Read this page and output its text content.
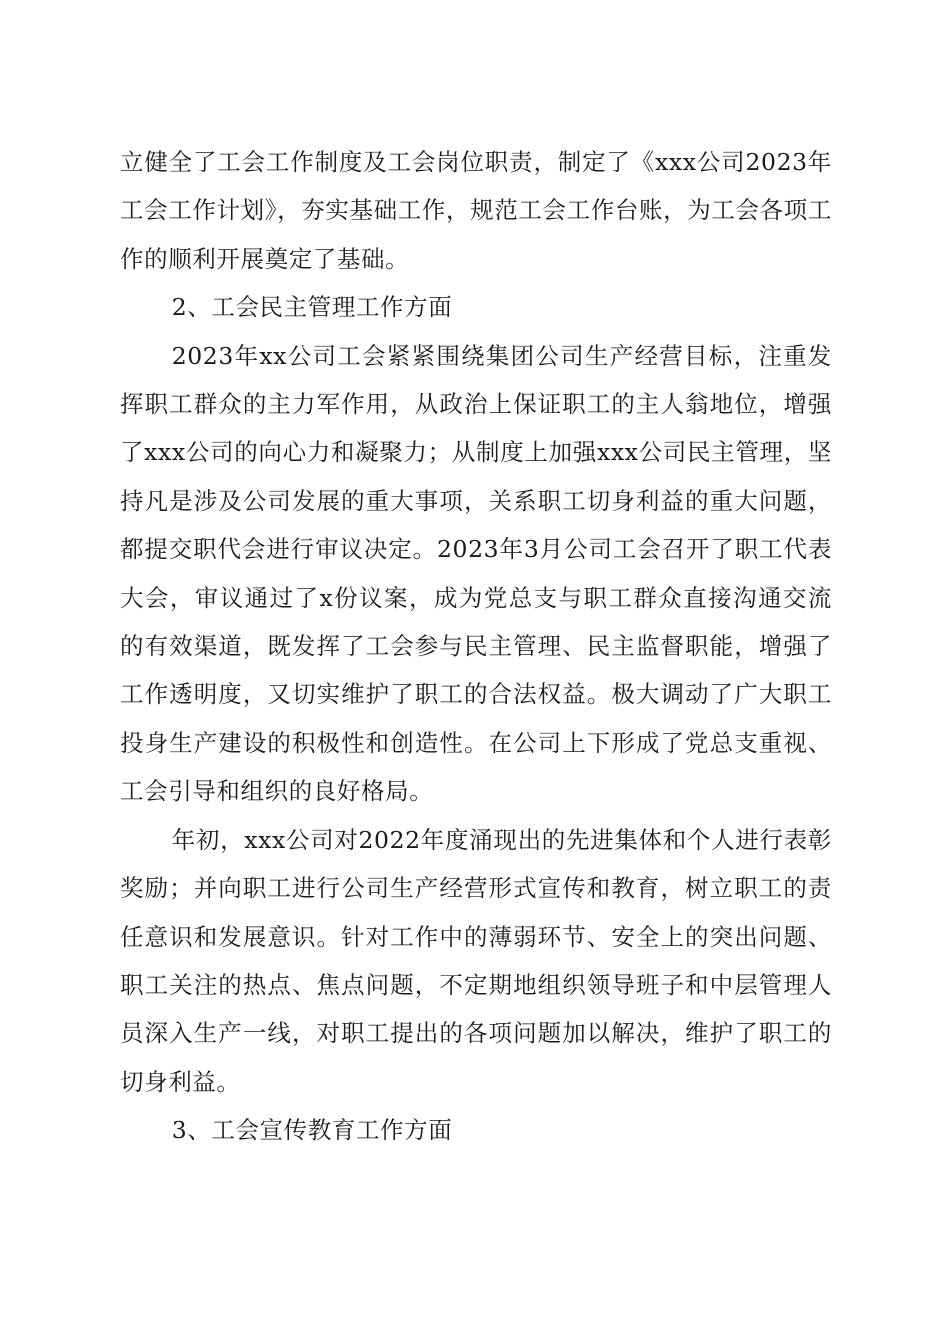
立健全了工会工作制度及工会岗位职责，制定了《xxx公司2023年工会工作计划》，夯实基础工作，规范工会工作台账，为工会各项工作的顺利开展奠定了基础。

2、工会民主管理工作方面

2023年xx公司工会紧紧围绕集团公司生产经营目标，注重发挥职工群众的主力军作用，从政治上保证职工的主人翁地位，增强了xxx公司的向心力和凝聚力；从制度上加强xxx公司民主管理，坚持凡是涉及公司发展的重大事项，关系职工切身利益的重大问题，都提交职代会进行审议决定。2023年3月公司工会召开了职工代表大会，审议通过了x份议案，成为党总支与职工群众直接沟通交流的有效渠道，既发挥了工会参与民主管理、民主监督职能，增强了工作透明度，又切实维护了职工的合法权益。极大调动了广大职工投身生产建设的积极性和创造性。在公司上下形成了党总支重视、工会引导和组织的良好格局。

年初，xxx公司对2022年度涌现出的先进集体和个人进行表彰奖励；并向职工进行公司生产经营形式宣传和教育，树立职工的责任意识和发展意识。针对工作中的薄弱环节、安全上的突出问题、职工关注的热点、焦点问题，不定期地组织领导班子和中层管理人员深入生产一线，对职工提出的各项问题加以解决，维护了职工的切身利益。

3、工会宣传教育工作方面
